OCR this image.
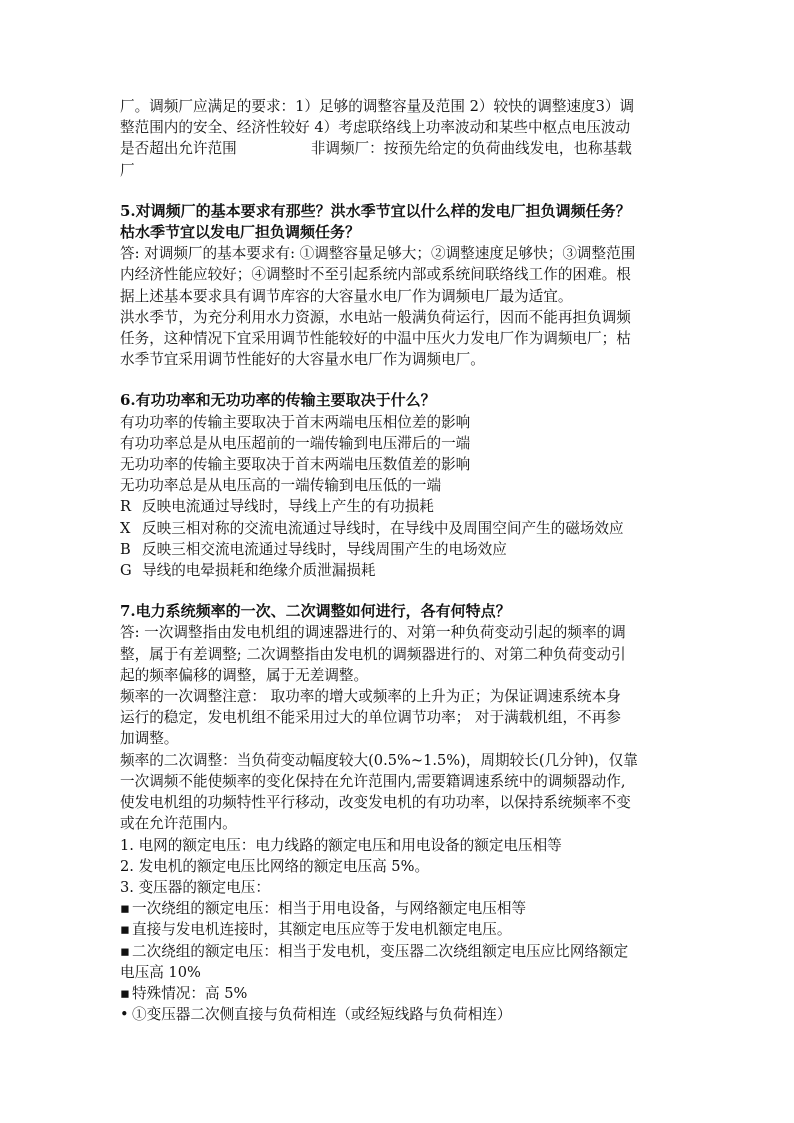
厂。调频厂应满足的要求：1）足够的调整容量及范围 2）较快的调整速度3）调

整范围内的安全、经济性较好 4）考虑联络线上功率波动和某些中枢点电压波动

是否超出允许范围	非调频厂：按预先给定的负荷曲线发电，也称基载

厂

5.对调频厂的基本要求有那些？洪水季节宜以什么样的发电厂担负调频任务？

枯水季节宜以发电厂担负调频任务？

答: 对调频厂的基本要求有: ①调整容量足够大；②调整速度足够快；③调整范围

内经济性能应较好；④调整时不至引起系统内部或系统间联络线工作的困难。根

据上述基本要求具有调节库容的大容量水电厂作为调频电厂最为适宜。

洪水季节，为充分利用水力资源，水电站一般满负荷运行，因而不能再担负调频

任务，这种情况下宜采用调节性能较好的中温中压火力发电厂作为调频电厂；枯

水季节宜采用调节性能好的大容量水电厂作为调频电厂。

6.有功功率和无功功率的传输主要取决于什么？

有功功率的传输主要取决于首末两端电压相位差的影响

有功功率总是从电压超前的一端传输到电压滞后的一端

无功功率的传输主要取决于首末两端电压数值差的影响

无功功率总是从电压高的一端传输到电压低的一端

R 反映电流通过导线时，导线上产生的有功损耗
X 反映三相对称的交流电流通过导线时，在导线中及周围空间产生的磁场效应
B 反映三相交流电流通过导线时，导线周围产生的电场效应
G 导线的电晕损耗和绝缘介质泄漏损耗

7.电力系统频率的一次、二次调整如何进行，各有何特点？

答: 一次调整指由发电机组的调速器进行的、对第一种负荷变动引起的频率的调

整，属于有差调整; 二次调整指由发电机的调频器进行的、对第二种负荷变动引

起的频率偏移的调整，属于无差调整。

频率的一次调整注意： 取功率的增大或频率的上升为正；为保证调速系统本身

运行的稳定，发电机组不能采用过大的单位调节功率； 对于满载机组，不再参

加调整。

频率的二次调整：当负荷变动幅度较大(0.5%~1.5%)，周期较长(几分钟)，仅靠

一次调频不能使频率的变化保持在允许范围内,需要籍调速系统中的调频器动作,

使发电机组的功频特性平行移动，改变发电机的有功功率，以保持系统频率不变

或在允许范围内。

1. 电网的额定电压：电力线路的额定电压和用电设备的额定电压相等

2. 发电机的额定电压比网络的额定电压高 5%。

3. 变压器的额定电压：

▪ 一次绕组的额定电压：相当于用电设备，与网络额定电压相等

▪ 直接与发电机连接时，其额定电压应等于发电机额定电压。

▪ 二次绕组的额定电压：相当于发电机，变压器二次绕组额定电压应比网络额定

电压高 10%

▪ 特殊情况：高 5%

• ①变压器二次侧直接与负荷相连（或经短线路与负荷相连）
